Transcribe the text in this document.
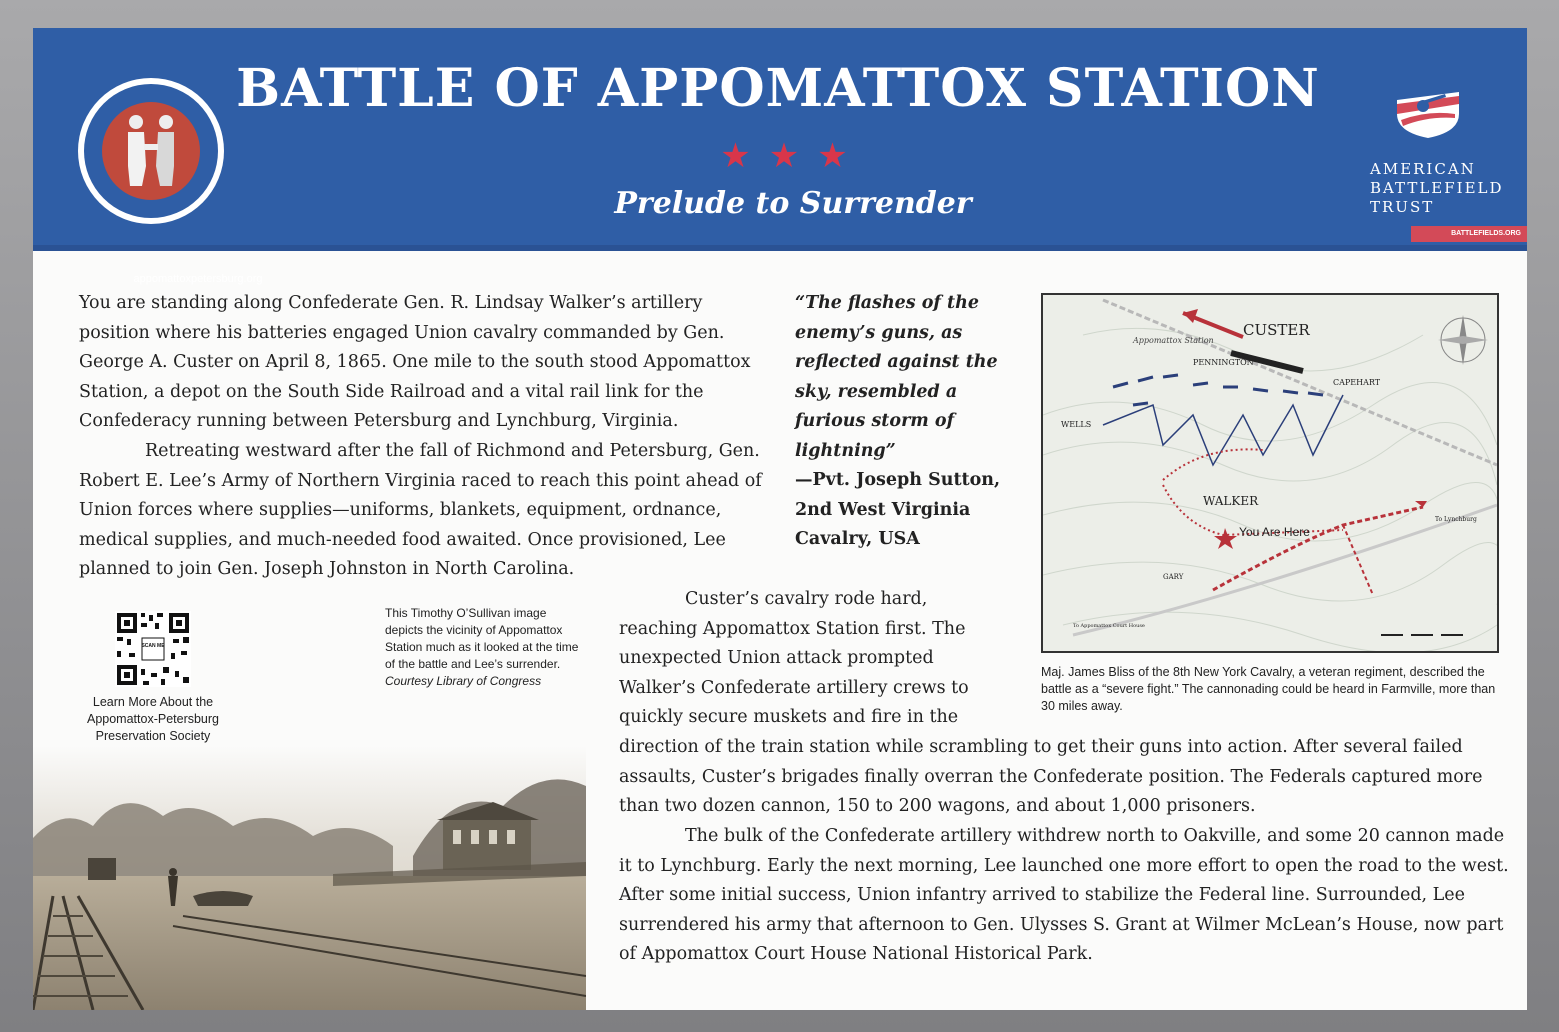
appomattoxpetersburg.org
BATTLE OF APPOMATTOX STATION
★★★
Prelude to Surrender
AMERICAN
BATTLEFIELD
TRUST
BATTLEFIELDS.ORG
You are standing along Confederate Gen. R. Lindsay Walker’s artillery position where his batteries engaged Union cavalry commanded by Gen. George A. Custer on April 8, 1865. One mile to the south stood Appomattox Station, a depot on the South Side Railroad and a vital rail link for the Confederacy running between Petersburg and Lynchburg, Virginia.
Retreating westward after the fall of Richmond and Petersburg, Gen. Robert E. Lee’s Army of Northern Virginia raced to reach this point ahead of Union forces where supplies—uniforms, blankets, equipment, ordnance, medical supplies, and much-needed food awaited. Once provisioned, Lee planned to join Gen. Joseph Johnston in North Carolina.
“The flashes of the enemy’s guns, as reflected against the sky, resembled a furious storm of lightning”
—Pvt. Joseph Sutton, 2nd West Virginia Cavalry, USA
CUSTER
Appomattox Station
PENNINGTON
CAPEHART
WELLS
WALKER
You Are Here
GARY
To Lynchburg
To Appomattox Court House
Maj. James Bliss of the 8th New York Cavalry, a veteran regiment, described the battle as a “severe fight.” The cannonading could be heard in Farmville, more than 30 miles away.
Custer’s cavalry rode hard, reaching Appomattox Station first. The unexpected Union attack prompted Walker’s Confederate artillery crews to quickly secure muskets and fire in the
direction of the train station while scrambling to get their guns into action. After several failed assaults, Custer’s brigades finally overran the Confederate position. The Federals captured more than two dozen cannon, 150 to 200 wagons, and about 1,000 prisoners.
The bulk of the Confederate artillery withdrew north to Oakville, and some 20 cannon made it to Lynchburg. Early the next morning, Lee launched one more effort to open the road to the west. After some initial success, Union infantry arrived to stabilize the Federal line. Surrounded, Lee surrendered his army that afternoon to Gen. Ulysses S. Grant at Wilmer McLean’s House, now part of Appomattox Court House National Historical Park.
SCAN ME
Learn More About the Appomattox-Petersburg Preservation Society
This Timothy O’Sullivan image depicts the vicinity of Appomattox Station much as it looked at the time of the battle and Lee’s surrender. Courtesy Library of Congress
